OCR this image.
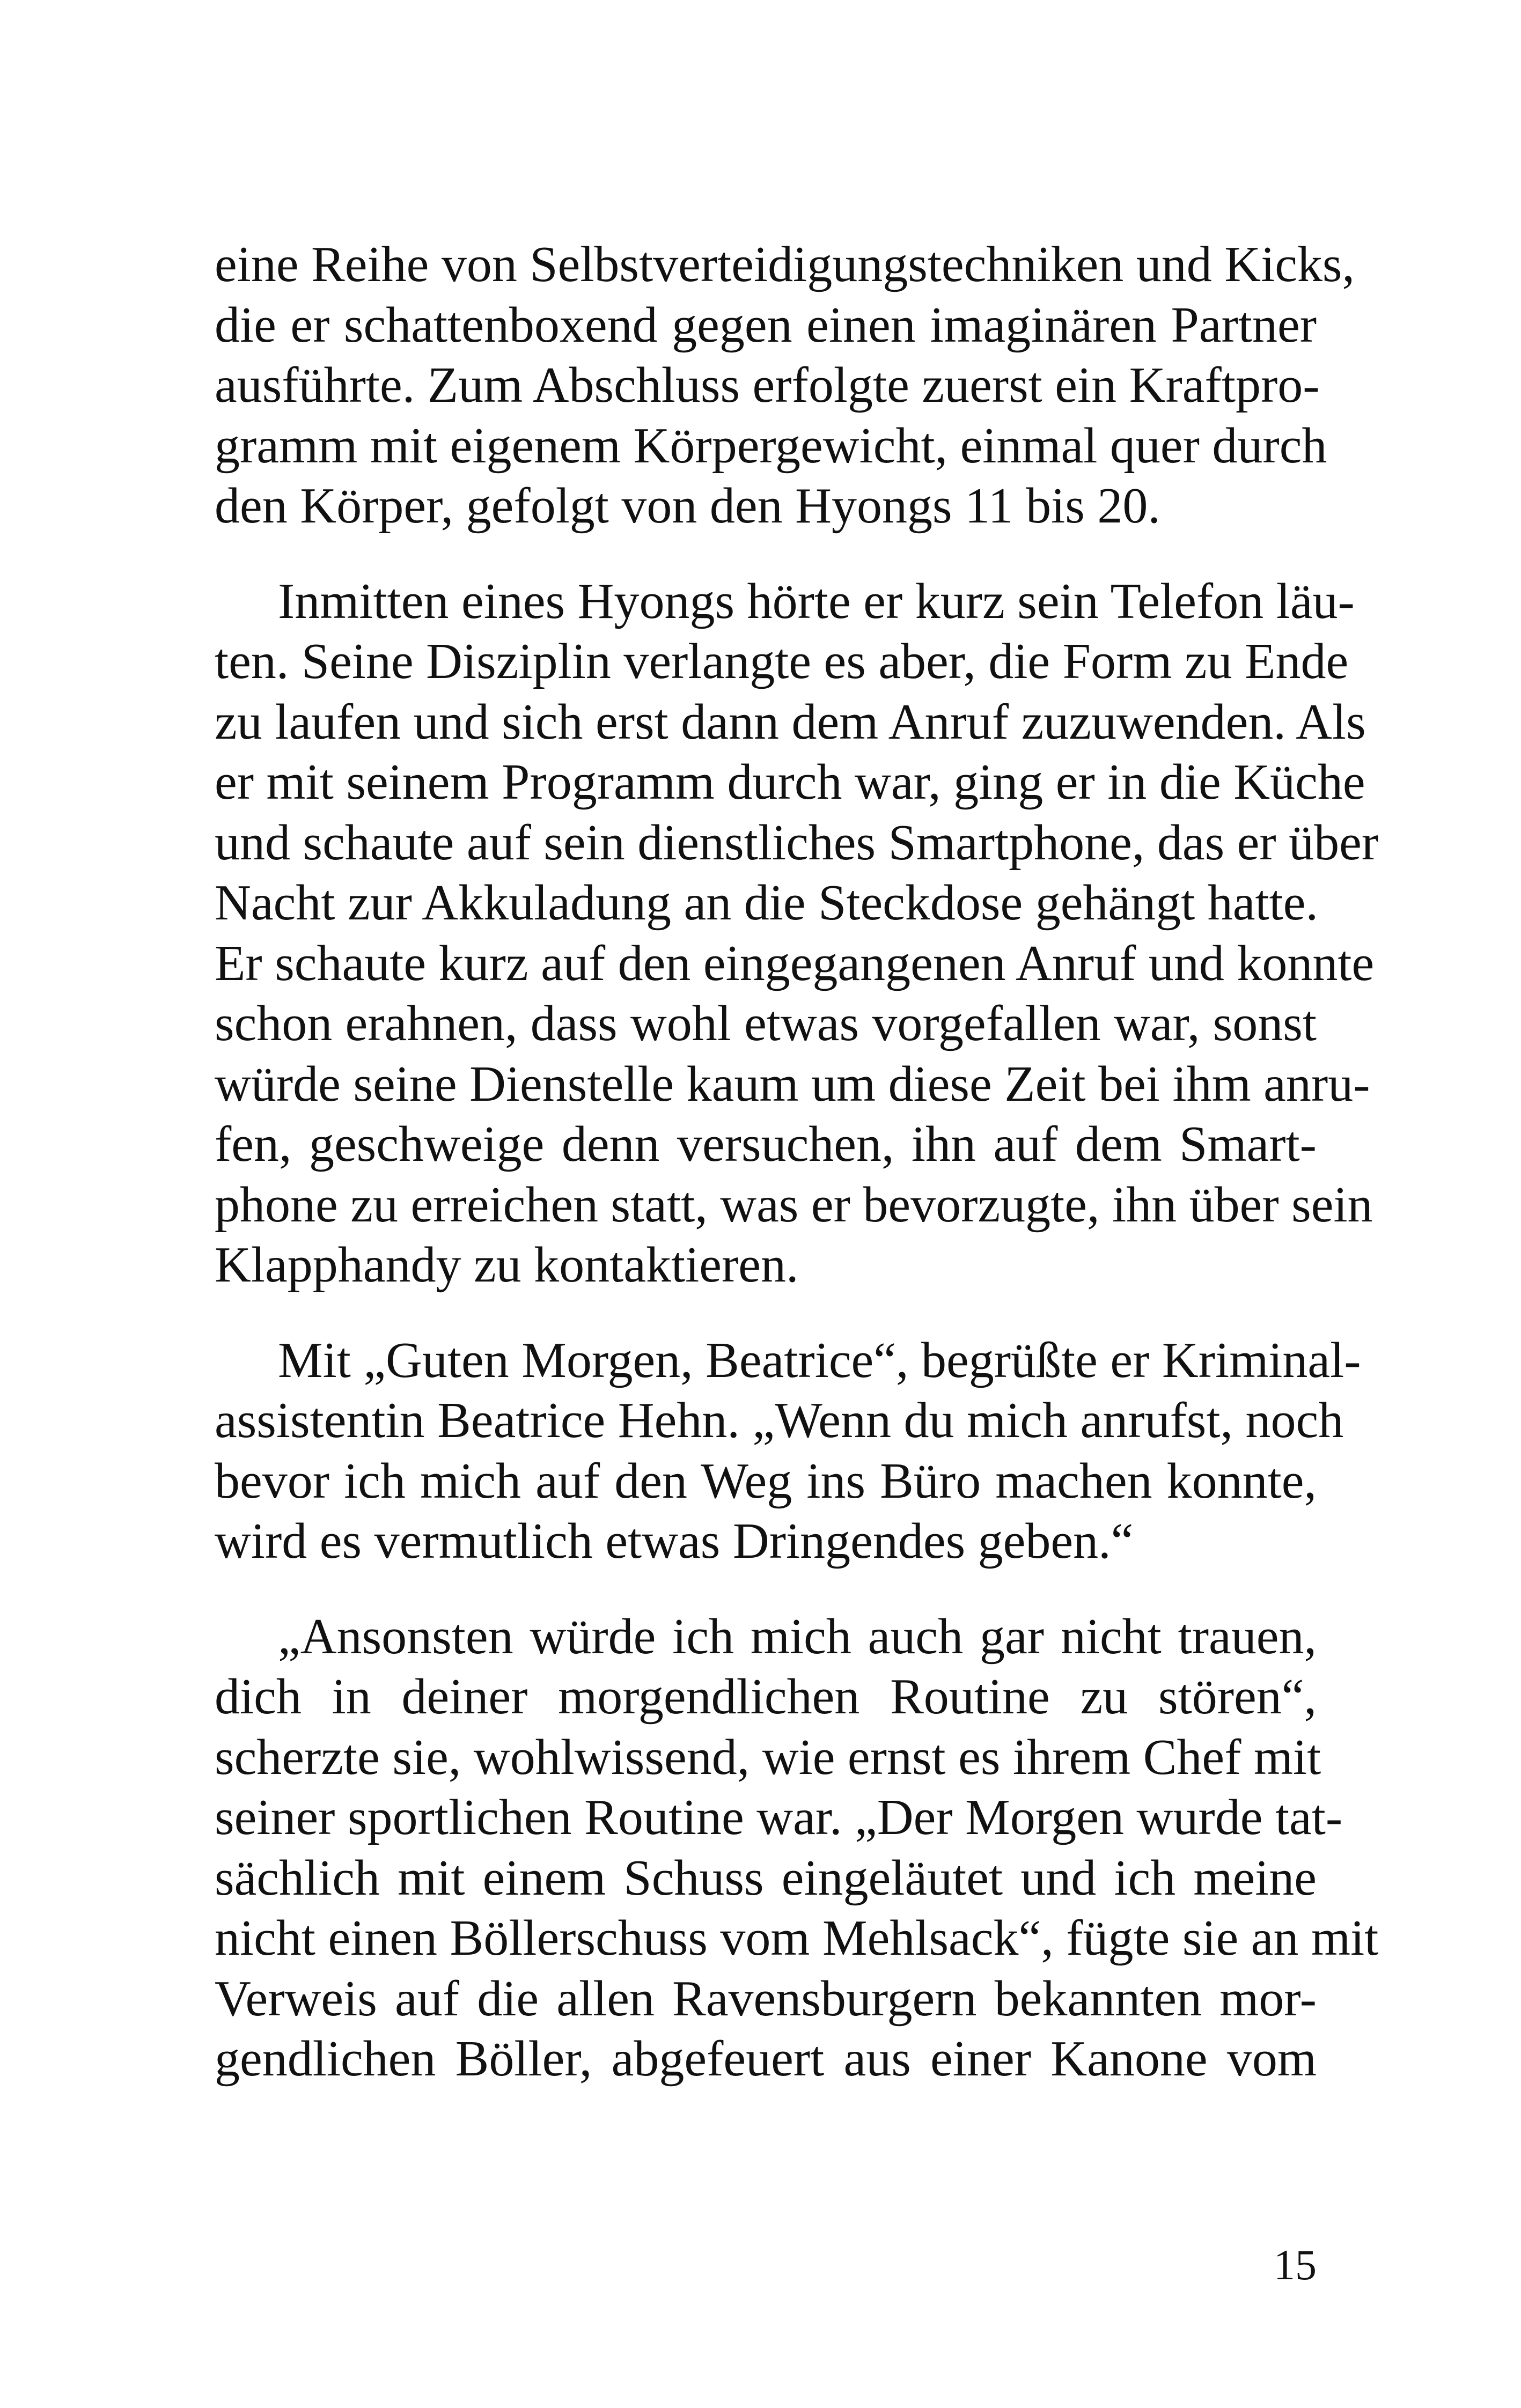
eine Reihe von Selbstverteidigungstechniken und Kicks,
die er schattenboxend gegen einen imaginären Partner
ausführte. Zum Abschluss erfolgte zuerst ein Kraftpro-
gramm mit eigenem Körpergewicht, einmal quer durch
den Körper, gefolgt von den Hyongs 11 bis 20.

Inmitten eines Hyongs hörte er kurz sein Telefon läu-
ten. Seine Disziplin verlangte es aber, die Form zu Ende
zu laufen und sich erst dann dem Anruf zuzuwenden. Als
er mit seinem Programm durch war, ging er in die Küche
und schaute auf sein dienstliches Smartphone, das er über
Nacht zur Akkuladung an die Steckdose gehängt hatte.
Er schaute kurz auf den eingegangenen Anruf und konnte
schon erahnen, dass wohl etwas vorgefallen war, sonst
würde seine Dienstelle kaum um diese Zeit bei ihm anru-
fen, geschweige denn versuchen, ihn auf dem Smart-
phone zu erreichen statt, was er bevorzugte, ihn über sein
Klapphandy zu kontaktieren.

Mit „Guten Morgen, Beatrice“, begrüßte er Kriminal-
assistentin Beatrice Hehn. „Wenn du mich anrufst, noch
bevor ich mich auf den Weg ins Büro machen konnte,
wird es vermutlich etwas Dringendes geben.“

„Ansonsten würde ich mich auch gar nicht trauen,
dich in deiner morgendlichen Routine zu stören“,
scherzte sie, wohlwissend, wie ernst es ihrem Chef mit
seiner sportlichen Routine war. „Der Morgen wurde tat-
sächlich mit einem Schuss eingeläutet und ich meine
nicht einen Böllerschuss vom Mehlsack“, fügte sie an mit
Verweis auf die allen Ravensburgern bekannten mor-
gendlichen Böller, abgefeuert aus einer Kanone vom

15
